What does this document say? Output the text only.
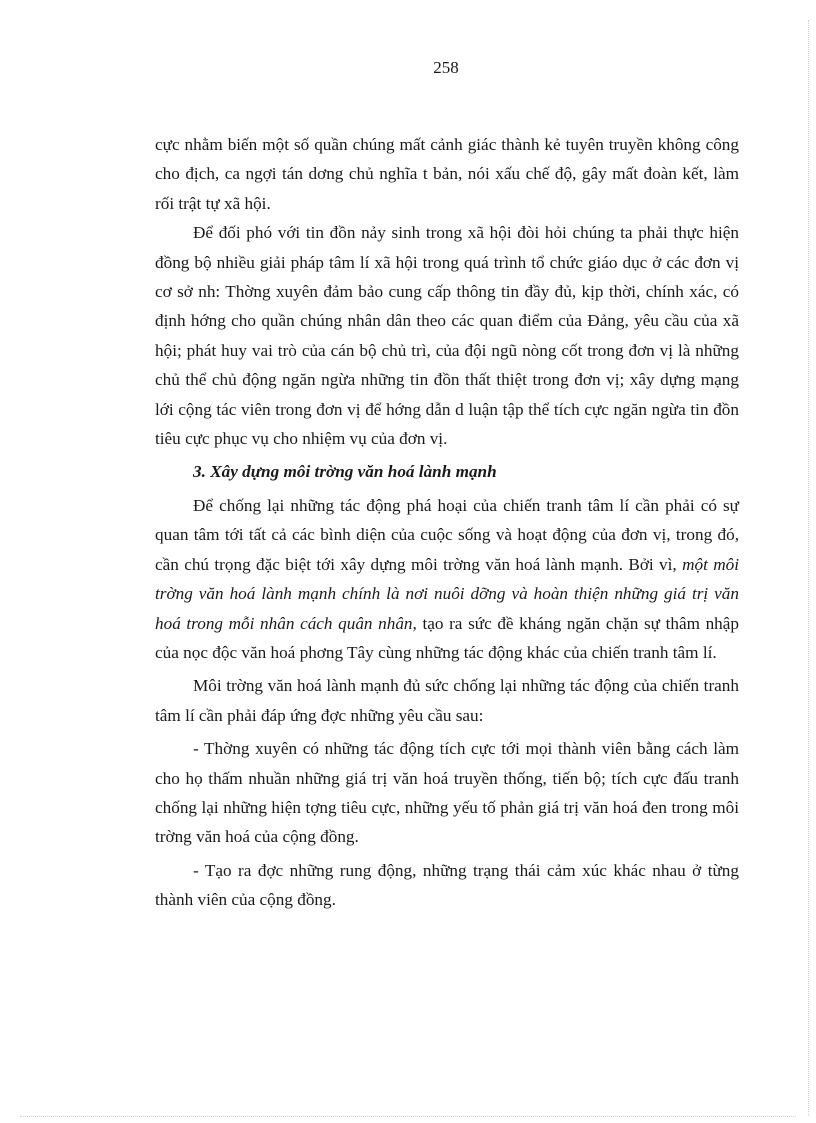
258

cực nhằm biến một số quần chúng mất cảnh giác thành kẻ tuyên truyền không công cho địch, ca ngợi tán dơng chủ nghĩa t bản, nói xấu chế độ, gây mất đoàn kết, làm rối trật tự xã hội.

Để đối phó với tin đồn nảy sinh trong xã hội đòi hỏi chúng ta phải thực hiện đồng bộ nhiều giải pháp tâm lí xã hội trong quá trình tổ chức giáo dục ở các đơn vị cơ sở nh: Thờng xuyên đảm bảo cung cấp thông tin đầy đủ, kịp thời, chính xác, có định hớng cho quần chúng nhân dân theo các quan điểm của Đảng, yêu cầu của xã hội; phát huy vai trò của cán bộ chủ trì, của đội ngũ nòng cốt trong đơn vị là những chủ thể chủ động ngăn ngừa những tin đồn thất thiệt trong đơn vị; xây dựng mạng lới cộng tác viên trong đơn vị để hớng dẫn d luận tập thể tích cực ngăn ngừa tin đồn tiêu cực phục vụ cho nhiệm vụ của đơn vị.

3. Xây dựng môi trờng văn hoá lành mạnh

Để chống lại những tác động phá hoại của chiến tranh tâm lí cần phải có sự quan tâm tới tất cả các bình diện của cuộc sống và hoạt động của đơn vị, trong đó, cần chú trọng đặc biệt tới xây dựng môi trờng văn hoá lành mạnh. Bởi vì, một môi trờng văn hoá lành mạnh chính là nơi nuôi dỡng và hoàn thiện những giá trị văn hoá trong mỗi nhân cách quân nhân, tạo ra sức đề kháng ngăn chặn sự thâm nhập của nọc độc văn hoá phơng Tây cùng những tác động khác của chiến tranh tâm lí.

Môi trờng văn hoá lành mạnh đủ sức chống lại những tác động của chiến tranh tâm lí cần phải đáp ứng đợc những yêu cầu sau:

- Thờng xuyên có những tác động tích cực tới mọi thành viên bằng cách làm cho họ thấm nhuần những giá trị văn hoá truyền thống, tiến bộ; tích cực đấu tranh chống lại những hiện tợng tiêu cực, những yếu tố phản giá trị văn hoá đen trong môi trờng văn hoá của cộng đồng.

- Tạo ra đợc những rung động, những trạng thái cảm xúc khác nhau ở từng thành viên của cộng đồng.
